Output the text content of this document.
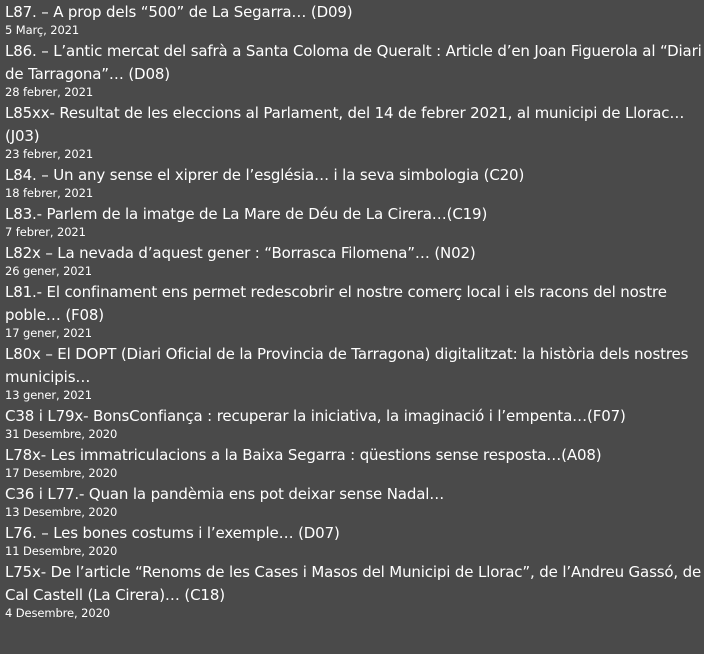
L87. – A prop dels “500” de La Segarra… (D09)
5 Març, 2021
L86. – L’antic mercat del safrà a Santa Coloma de Queralt : Article d’en Joan Figuerola al “Diari de Tarragona”… (D08)
28 febrer, 2021
L85xx- Resultat de les eleccions al Parlament, del 14 de febrer 2021, al municipi de Llorac…(J03)
23 febrer, 2021
L84. – Un any sense el xiprer de l’església… i la seva simbologia (C20)
18 febrer, 2021
L83.- Parlem de la imatge de La Mare de Déu de La Cirera…(C19)
7 febrer, 2021
L82x – La nevada d’aquest gener : “Borrasca Filomena”… (N02)
26 gener, 2021
L81.- El confinament ens permet redescobrir el nostre comerç local i els racons del nostre poble… (F08)
17 gener, 2021
L80x – El DOPT (Diari Oficial de la Provincia de Tarragona) digitalitzat: la història dels nostres municipis…
13 gener, 2021
C38 i L79x- BonsConfiança : recuperar la iniciativa, la imaginació i l’empenta…(F07)
31 Desembre, 2020
L78x- Les immatriculacions a la Baixa Segarra : qüestions sense resposta…(A08)
17 Desembre, 2020
C36 i L77.- Quan la pandèmia ens pot deixar sense Nadal…
13 Desembre, 2020
L76. – Les bones costums i l’exemple… (D07)
11 Desembre, 2020
L75x- De l’article “Renoms de les Cases i Masos del Municipi de Llorac”, de l’Andreu Gassó, de Cal Castell (La Cirera)… (C18)
4 Desembre, 2020
